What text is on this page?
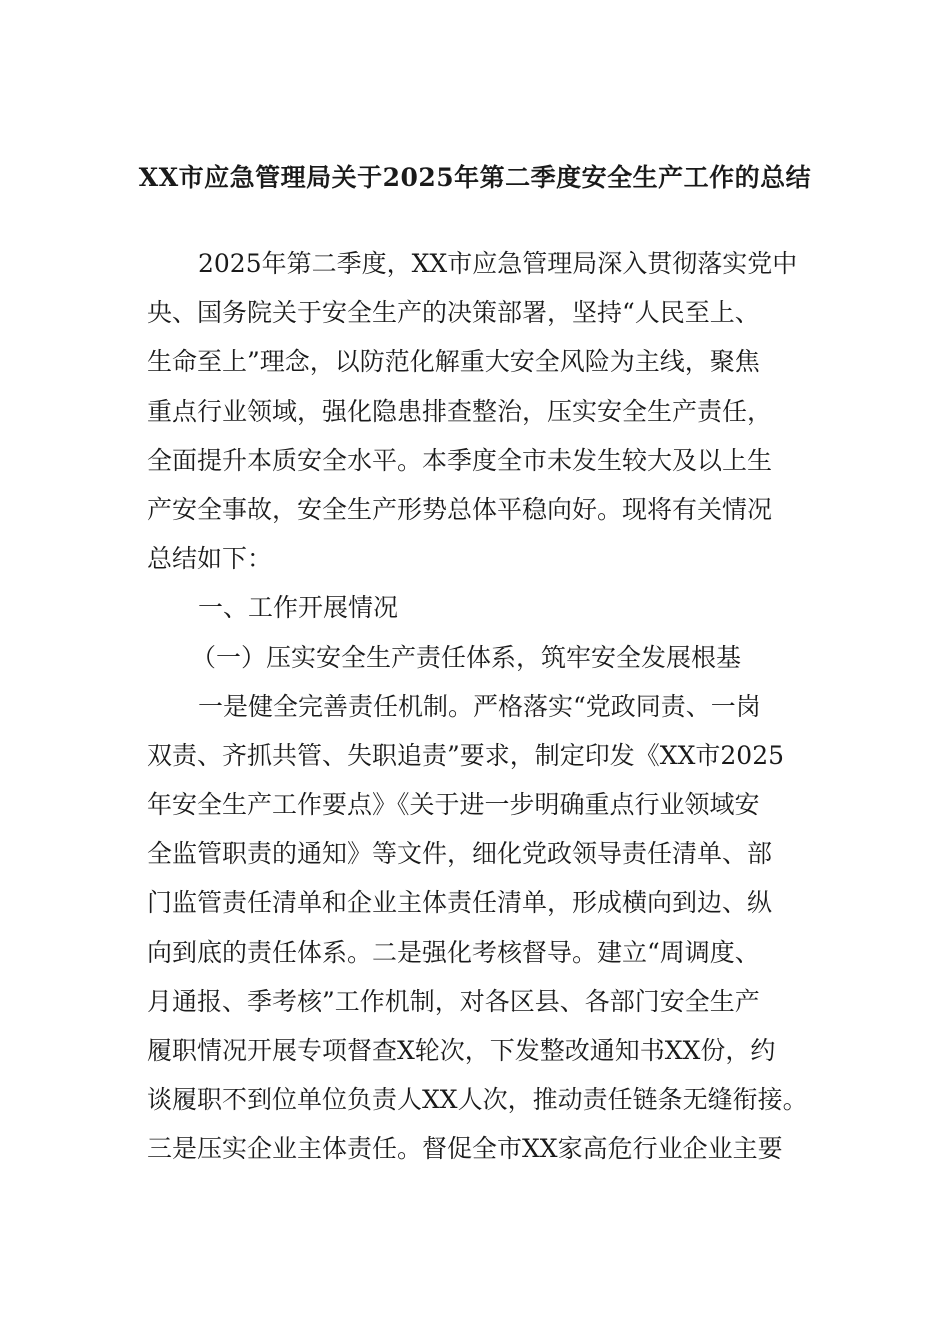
XX市应急管理局关于2025年第二季度安全生产工作的总结
2025年第二季度，XX市应急管理局深入贯彻落实党中
央、国务院关于安全生产的决策部署，坚持“人民至上、
生命至上”理念，以防范化解重大安全风险为主线，聚焦
重点行业领域，强化隐患排查整治，压实安全生产责任，
全面提升本质安全水平。本季度全市未发生较大及以上生
产安全事故，安全生产形势总体平稳向好。现将有关情况
总结如下：
一、工作开展情况
（一）压实安全生产责任体系，筑牢安全发展根基
一是健全完善责任机制。严格落实“党政同责、一岗
双责、齐抓共管、失职追责”要求，制定印发《XX市2025
年安全生产工作要点》《关于进一步明确重点行业领域安
全监管职责的通知》等文件，细化党政领导责任清单、部
门监管责任清单和企业主体责任清单，形成横向到边、纵
向到底的责任体系。二是强化考核督导。建立“周调度、
月通报、季考核”工作机制，对各区县、各部门安全生产
履职情况开展专项督查X轮次，下发整改通知书XX份，约
谈履职不到位单位负责人XX人次，推动责任链条无缝衔接。
三是压实企业主体责任。督促全市XX家高危行业企业主要
